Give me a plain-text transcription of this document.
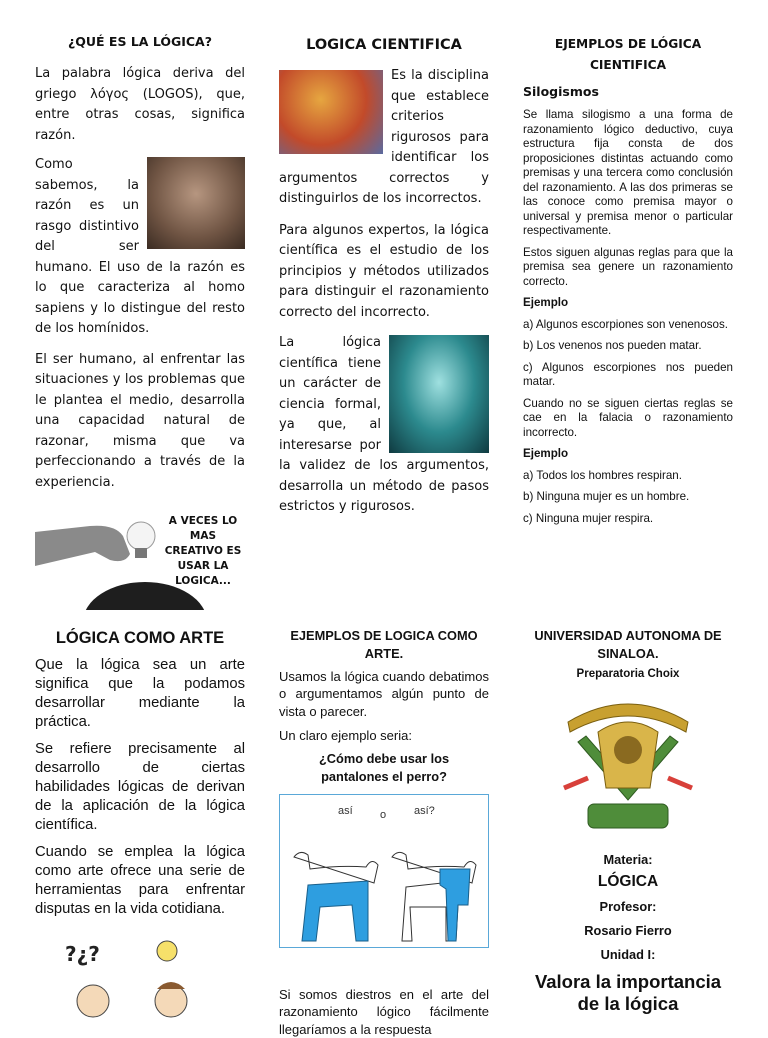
¿QUÉ ES LA LÓGICA?

La palabra lógica deriva del griego λόγος (LOGOS), que, entre otras cosas, significa razón.

Como sabemos, la razón es un rasgo distintivo del ser humano. El uso de la razón es lo que caracteriza al homo sapiens y lo distingue del resto de los homínidos.

El ser humano, al enfrentar las situaciones y los problemas que le plantea el medio, desarrolla una capacidad natural de razonar, misma que va perfeccionando a través de la experiencia.

A VECES LO MAS CREATIVO ES USAR LA LOGICA...
LOGICA CIENTIFICA

Es la disciplina que establece criterios rigurosos para identificar los argumentos correctos y distinguirlos de los incorrectos.

Para algunos expertos, la lógica científica es el estudio de los principios y métodos utilizados para distinguir el razonamiento correcto del incorrecto.

La lógica científica tiene un carácter de ciencia formal, ya que, al interesarse por la validez de los argumentos, desarrolla un método de pasos estrictos y rigurosos.

EJEMPLOS DE LÓGICA CIENTIFICA
Silogismos

Se llama silogismo a una forma de razonamiento lógico deductivo, cuya estructura fija consta de dos proposiciones distintas actuando como premisas y una tercera como conclusión del razonamiento. A las dos primeras se las conoce como premisa mayor o universal y premisa menor o particular respectivamente.

Estos siguen algunas reglas para que la premisa sea genere un razonamiento correcto.

Ejemplo

a) Algunos escorpiones son venenosos.

b) Los venenos nos pueden matar.

c) Algunos escorpiones nos pueden matar.

Cuando no se siguen ciertas reglas se cae en la falacia o razonamiento incorrecto.

Ejemplo

a) Todos los hombres respiran.

b) Ninguna mujer es un hombre.

c) Ninguna mujer respira.

LÓGICA COMO ARTE

Que la lógica sea un arte significa que la podamos desarrollar mediante la práctica.

Se refiere precisamente al desarrollo de ciertas habilidades lógicas de derivan de la aplicación de la lógica científica.

Cuando se emplea la lógica como arte ofrece una serie de herramientas para enfrentar disputas en la vida cotidiana.

?¿?
EJEMPLOS DE LOGICA COMO ARTE.

Usamos la lógica cuando debatimos o argumentamos algún punto de vista o parecer.

Un claro ejemplo seria:

¿Cómo debe usar los pantalones el perro?
así o	así?

Si somos diestros en el arte del razonamiento lógico fácilmente llegaríamos a la respuesta

UNIVERSIDAD AUTONOMA DE SINALOA.
Preparatoria Choix
Materia:
LÓGICA
Profesor:
Rosario Fierro
Unidad I:
Valora la importancia de la lógica
